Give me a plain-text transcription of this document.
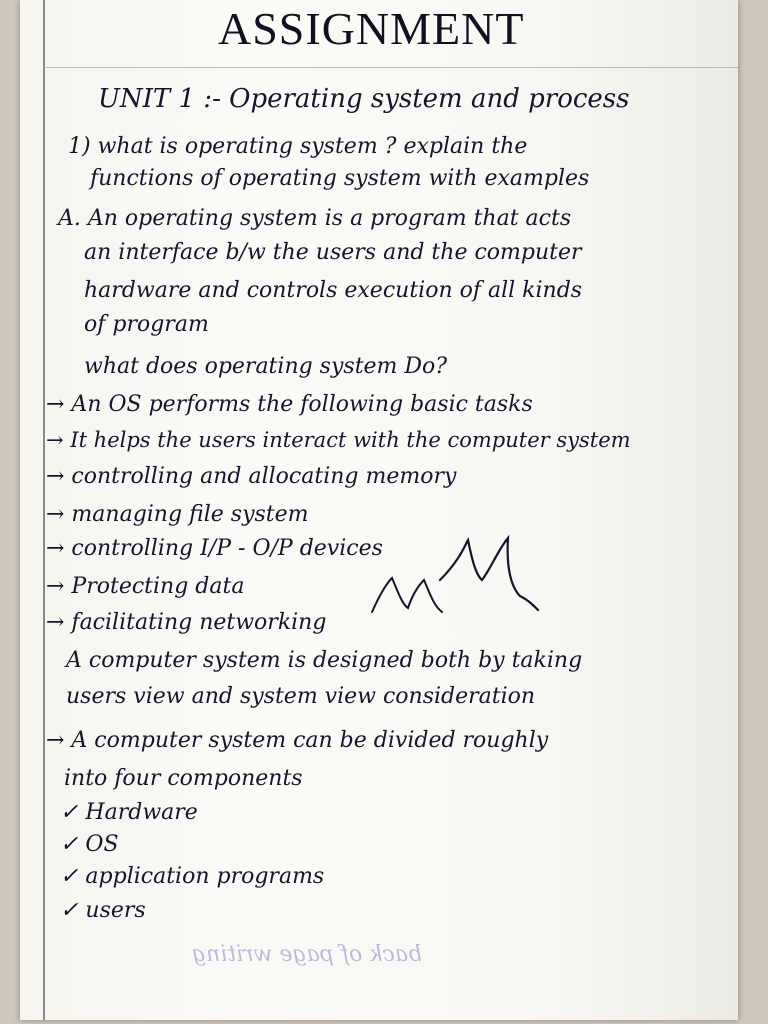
ASSIGNMENT
UNIT 1 :- Operating system and process
1) what is operating system ? explain the
functions of operating system with examples
A. An operating system is a program that acts
an interface b/w the users and the computer
hardware and controls execution of all kinds
of program
what does operating system Do?
→ An OS performs the following basic tasks
→ It helps the users interact with the computer system
→ controlling and allocating memory
→ managing file system
→ controlling I/P - O/P devices
→ Protecting data
→ facilitating networking
A computer system is designed both by taking
users view and system view consideration
→ A computer system can be divided roughly
into four components
✓ Hardware
✓ OS
✓ application programs
✓ users
back of page writing
